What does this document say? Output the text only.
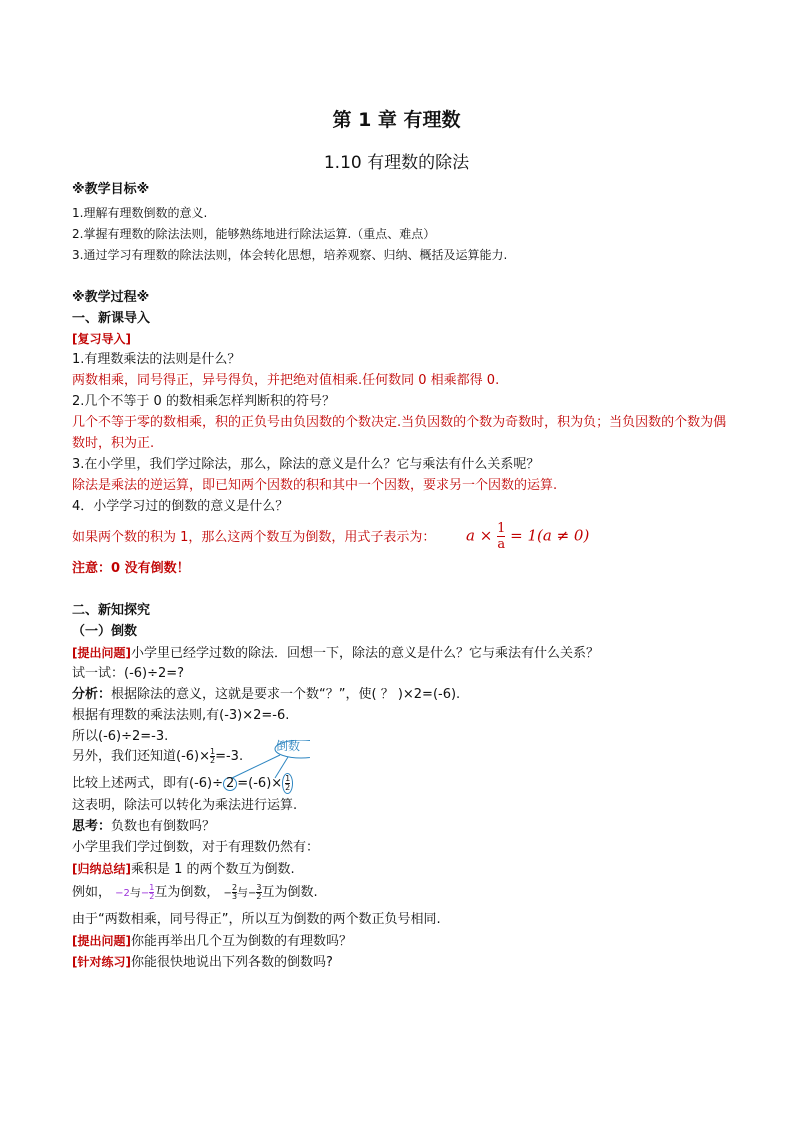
第 1 章 有理数
1.10 有理数的除法
※教学目标※
1.理解有理数倒数的意义.
2.掌握有理数的除法法则，能够熟练地进行除法运算.（重点、难点）
3.通过学习有理数的除法法则，体会转化思想，培养观察、归纳、概括及运算能力.
※教学过程※
一、新课导入
[复习导入]
1.有理数乘法的法则是什么？
两数相乘，同号得正，异号得负，并把绝对值相乘.任何数同 0 相乘都得 0.
2.几个不等于 0 的数相乘怎样判断积的符号？
几个不等于零的数相乘，积的正负号由负因数的个数决定.当负因数的个数为奇数时，积为负；当负因数的个数为偶数时，积为正.
3.在小学里，我们学过除法，那么，除法的意义是什么？它与乘法有什么关系呢？
除法是乘法的逆运算，即已知两个因数的积和其中一个因数，要求另一个因数的运算.
4．小学学习过的倒数的意义是什么？
如果两个数的积为 1，那么这两个数互为倒数，用式子表示为： $a \times \frac{1}{a} = 1(a \ne 0)$
注意：0 没有倒数！
二、新知探究
（一）倒数
[提出问题]小学里已经学过数的除法．回想一下，除法的意义是什么？它与乘法有什么关系？
试一试：(-6)÷2=?
分析：根据除法的意义，这就是要求一个数“？”，使( ？ )×2=(-6).
根据有理数的乘法法则,有(-3)×2=-6.
所以(-6)÷2=-3.
另外，我们还知道$(-6)\times \frac{1}{2} =-3$.
倒数
比较上述两式，即有$(-6)\div 2 =(-6)\times \frac{1}{2}$
这表明，除法可以转化为乘法进行运算.
思考：负数也有倒数吗？
小学里我们学过倒数，对于有理数仍然有：
[归纳总结]乘积是 1 的两个数互为倒数.
例如， −2与− $\frac{1}{2}$ 互为倒数， − $\frac{2}{3}$ 与− $\frac{3}{2}$ 互为倒数.
由于“两数相乘，同号得正”，所以互为倒数的两个数正负号相同.
[提出问题]你能再举出几个互为倒数的有理数吗？
[针对练习]你能很快地说出下列各数的倒数吗?
